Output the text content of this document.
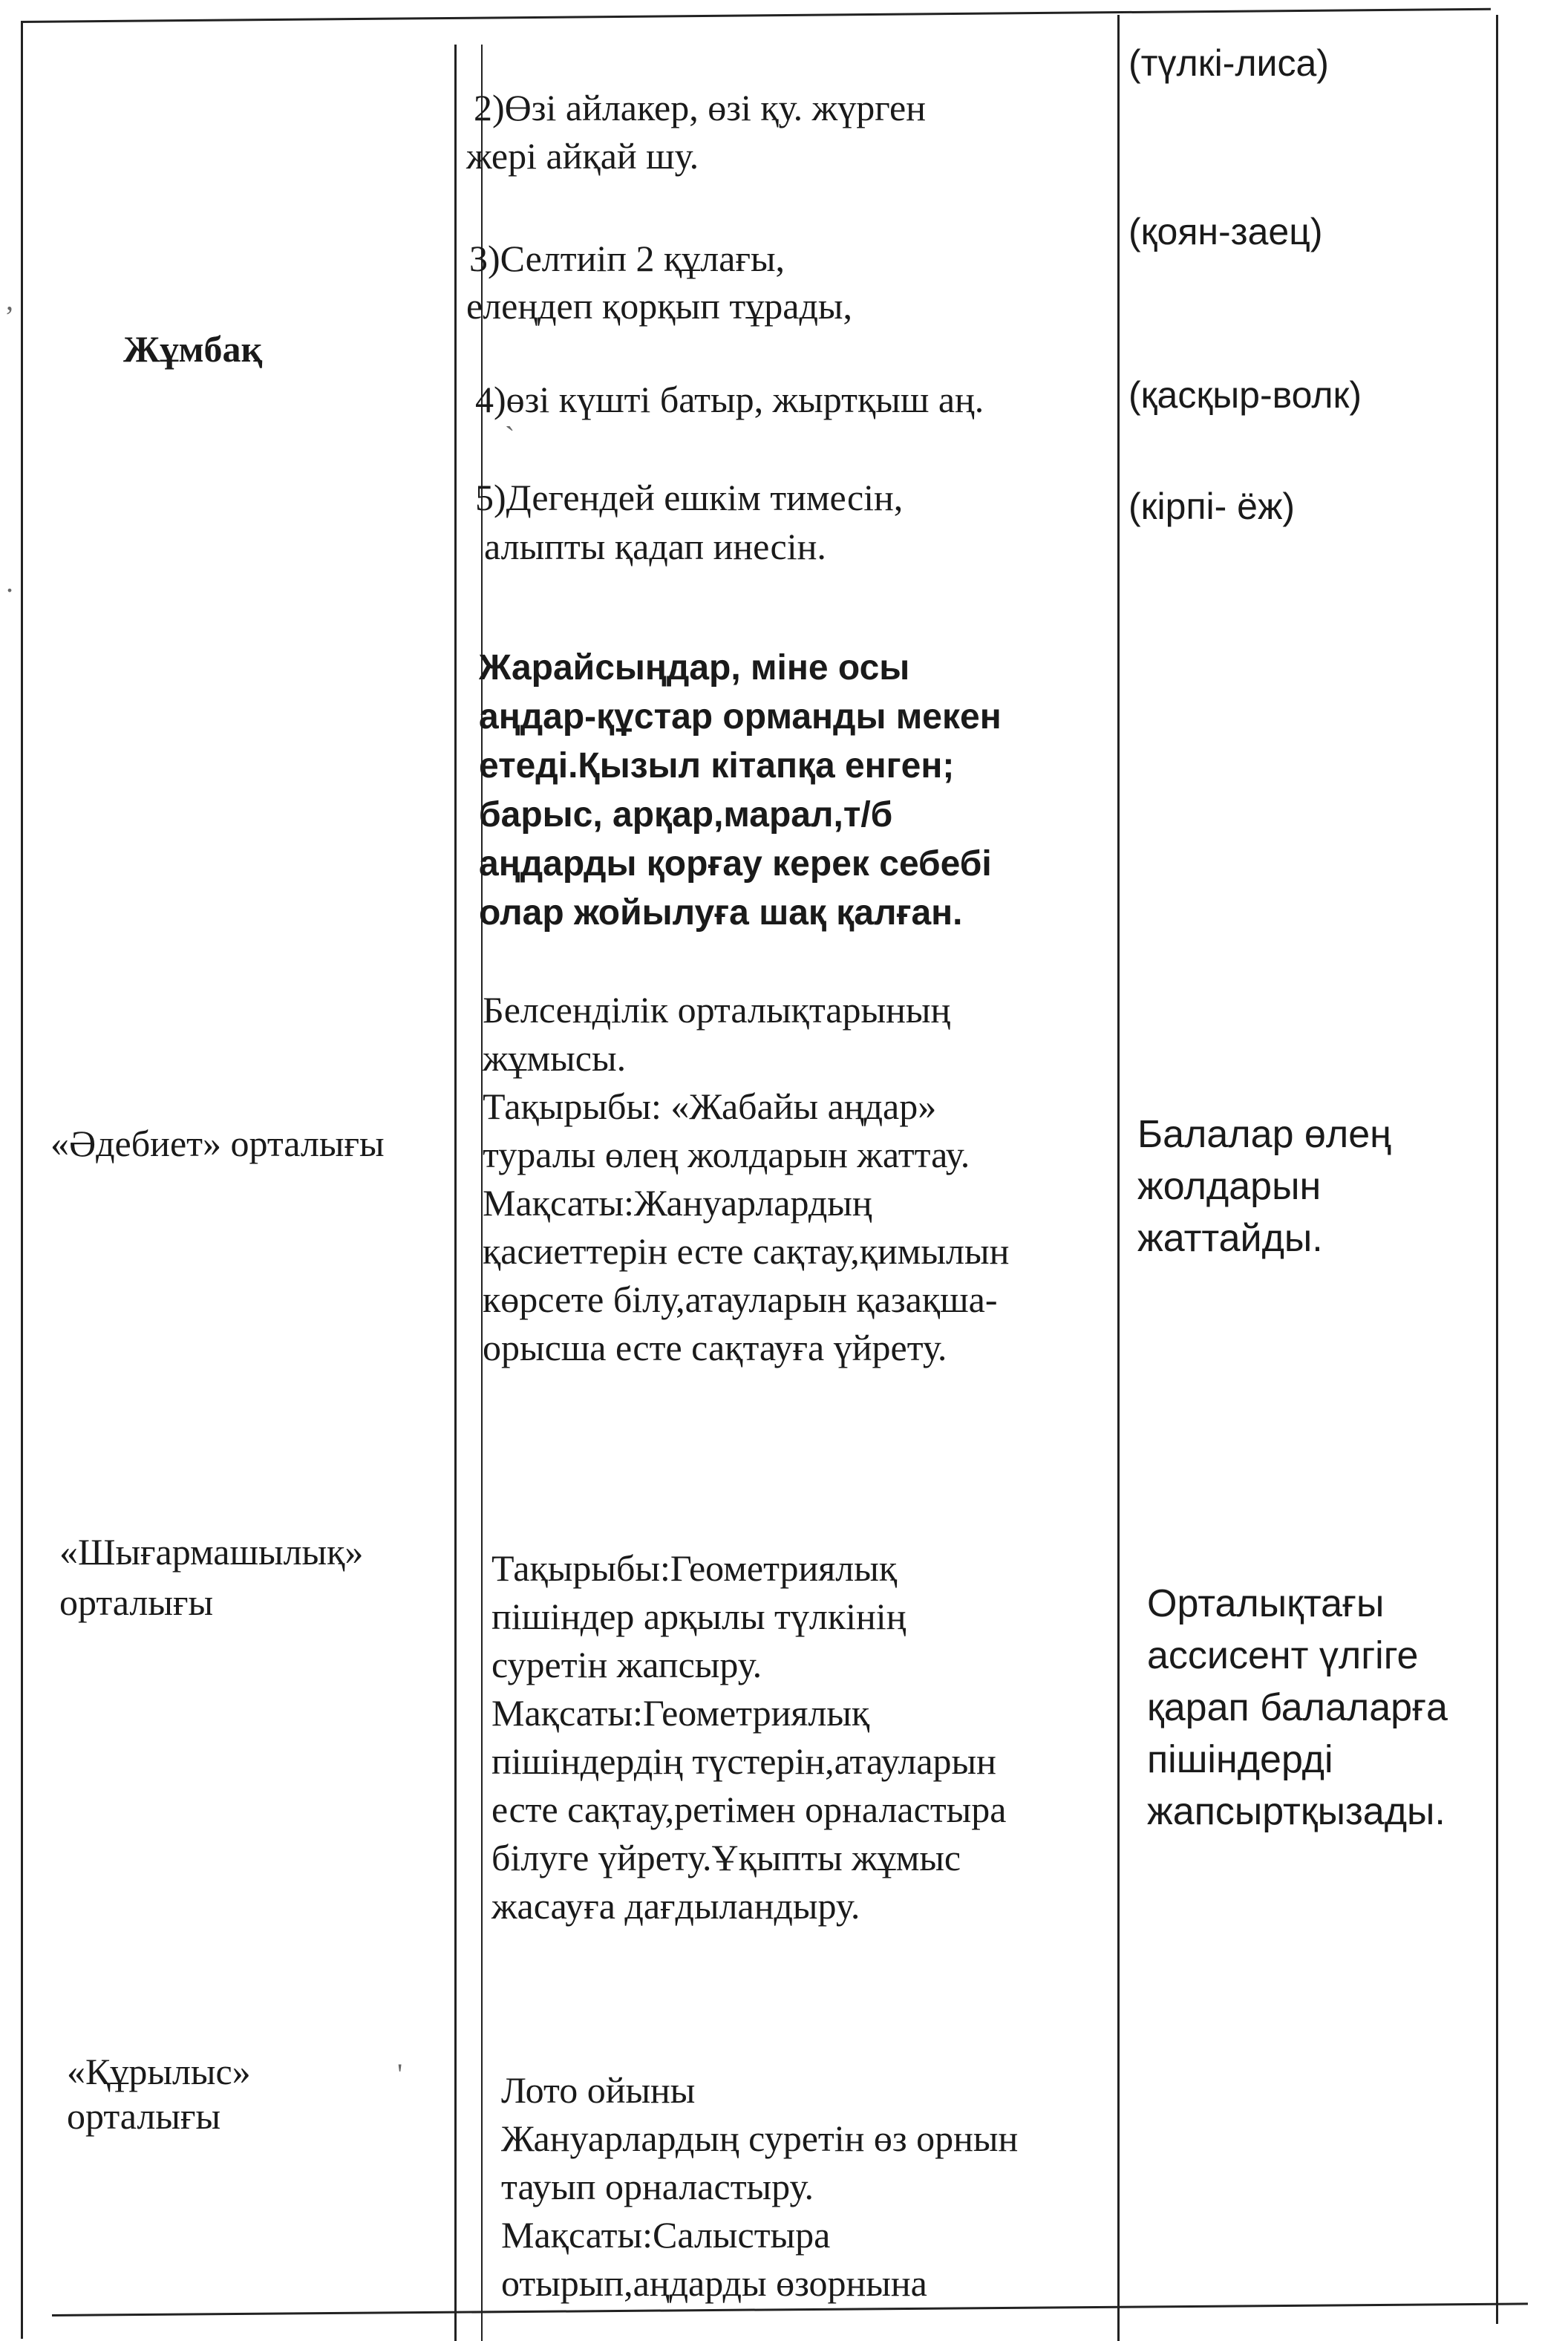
,
.
`
'
Жұмбақ
«Әдебиет» орталығы
«Шығармашылық»
орталығы
«Құрылыс»
орталығы
2)Өзі айлакер, өзі қу. жүрген
жері айқай шу.
3)Селтиіп 2 құлағы,
елеңдеп қорқып тұрады,
4)өзі күшті батыр, жыртқыш аң.
5)Дегендей ешкім тимесін,
алыпты қадап инесін.
(түлкі-лиса)
(қоян-заец)
(қасқыр-волк)
(кірпі- ёж)
Жарайсыңдар, міне осы
аңдар-құстар орманды мекен
етеді.Қызыл кітапқа енген;
барыс, арқар,марал,т/б
аңдарды қорғау керек себебі
олар жойылуға шақ қалған.
Белсенділік орталықтарының
жұмысы.
Тақырыбы: «Жабайы аңдар»
туралы өлең жолдарын жаттау.
Мақсаты:Жануарлардың
қасиеттерін есте сақтау,қимылын
көрсете білу,атауларын қазақша-
орысша есте сақтауға үйрету.
Балалар өлең
жолдарын
жаттайды.
Тақырыбы:Геометриялық
пішіндер арқылы түлкінің
суретін жапсыру.
Мақсаты:Геометриялық
пішіндердің түстерін,атауларын
есте сақтау,ретімен орналастыра
білуге үйрету.Ұқыпты жұмыс
жасауға дағдыландыру.
Орталықтағы
ассисент үлгіге
қарап балаларға
пішіндерді
жапсыртқызады.
Лото ойыны
Жануарлардың суретін өз орнын
тауып орналастыру.
Мақсаты:Салыстыра
отырып,аңдарды өзорнына
